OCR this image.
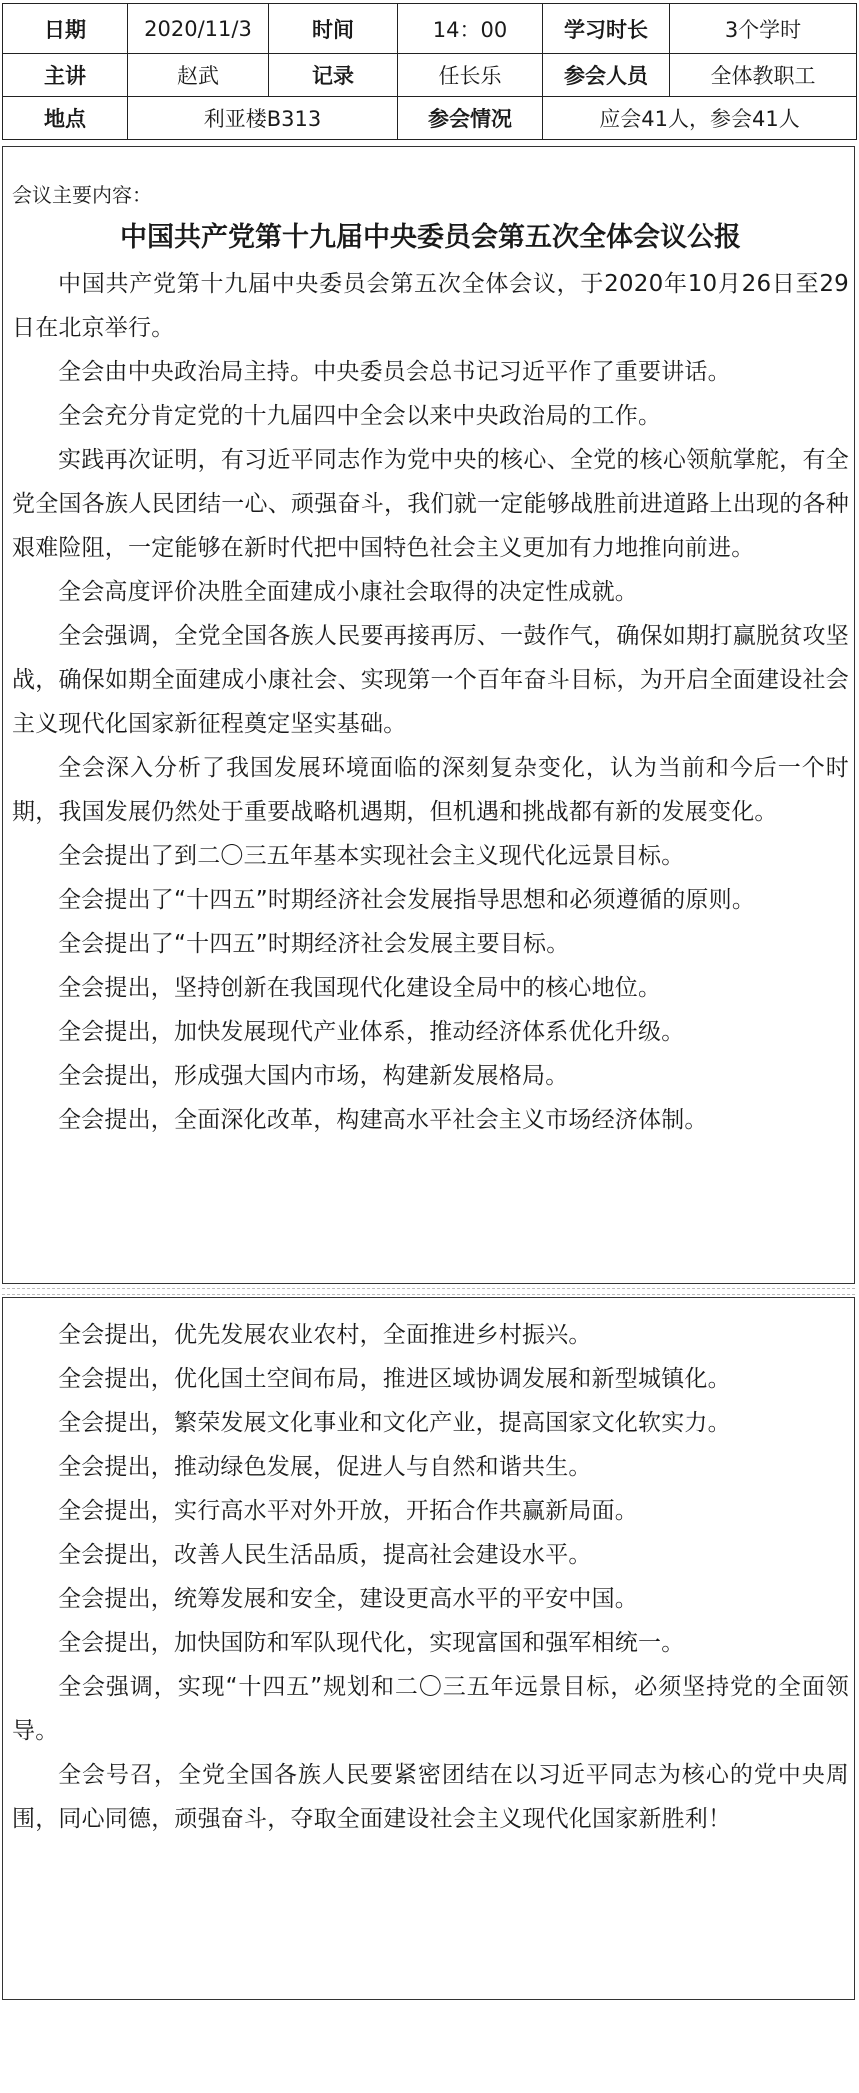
日期	2020/11/3	时间	14：00	学习时长	3个学时
主讲	赵武	记录	任长乐	参会人员	全体教职工
地点	利亚楼B313		参会情况	应会41人，参会41人	

会议主要内容：

中国共产党第十九届中央委员会第五次全体会议公报

中国共产党第十九届中央委员会第五次全体会议，于2020年10月26日至29日在北京举行。

全会由中央政治局主持。中央委员会总书记习近平作了重要讲话。

全会充分肯定党的十九届四中全会以来中央政治局的工作。

实践再次证明，有习近平同志作为党中央的核心、全党的核心领航掌舵，有全党全国各族人民团结一心、顽强奋斗，我们就一定能够战胜前进道路上出现的各种艰难险阻，一定能够在新时代把中国特色社会主义更加有力地推向前进。

全会高度评价决胜全面建成小康社会取得的决定性成就。

全会强调，全党全国各族人民要再接再厉、一鼓作气，确保如期打赢脱贫攻坚战，确保如期全面建成小康社会、实现第一个百年奋斗目标，为开启全面建设社会主义现代化国家新征程奠定坚实基础。

全会深入分析了我国发展环境面临的深刻复杂变化，认为当前和今后一个时期，我国发展仍然处于重要战略机遇期，但机遇和挑战都有新的发展变化。

全会提出了到二〇三五年基本实现社会主义现代化远景目标。

全会提出了“十四五”时期经济社会发展指导思想和必须遵循的原则。

全会提出了“十四五”时期经济社会发展主要目标。

全会提出，坚持创新在我国现代化建设全局中的核心地位。

全会提出，加快发展现代产业体系，推动经济体系优化升级。

全会提出，形成强大国内市场，构建新发展格局。

全会提出，全面深化改革，构建高水平社会主义市场经济体制。

全会提出，优先发展农业农村，全面推进乡村振兴。

全会提出，优化国土空间布局，推进区域协调发展和新型城镇化。

全会提出，繁荣发展文化事业和文化产业，提高国家文化软实力。

全会提出，推动绿色发展，促进人与自然和谐共生。

全会提出，实行高水平对外开放，开拓合作共赢新局面。

全会提出，改善人民生活品质，提高社会建设水平。

全会提出，统筹发展和安全，建设更高水平的平安中国。

全会提出，加快国防和军队现代化，实现富国和强军相统一。

全会强调，实现“十四五”规划和二〇三五年远景目标，必须坚持党的全面领导。

全会号召，全党全国各族人民要紧密团结在以习近平同志为核心的党中央周围，同心同德，顽强奋斗，夺取全面建设社会主义现代化国家新胜利！
